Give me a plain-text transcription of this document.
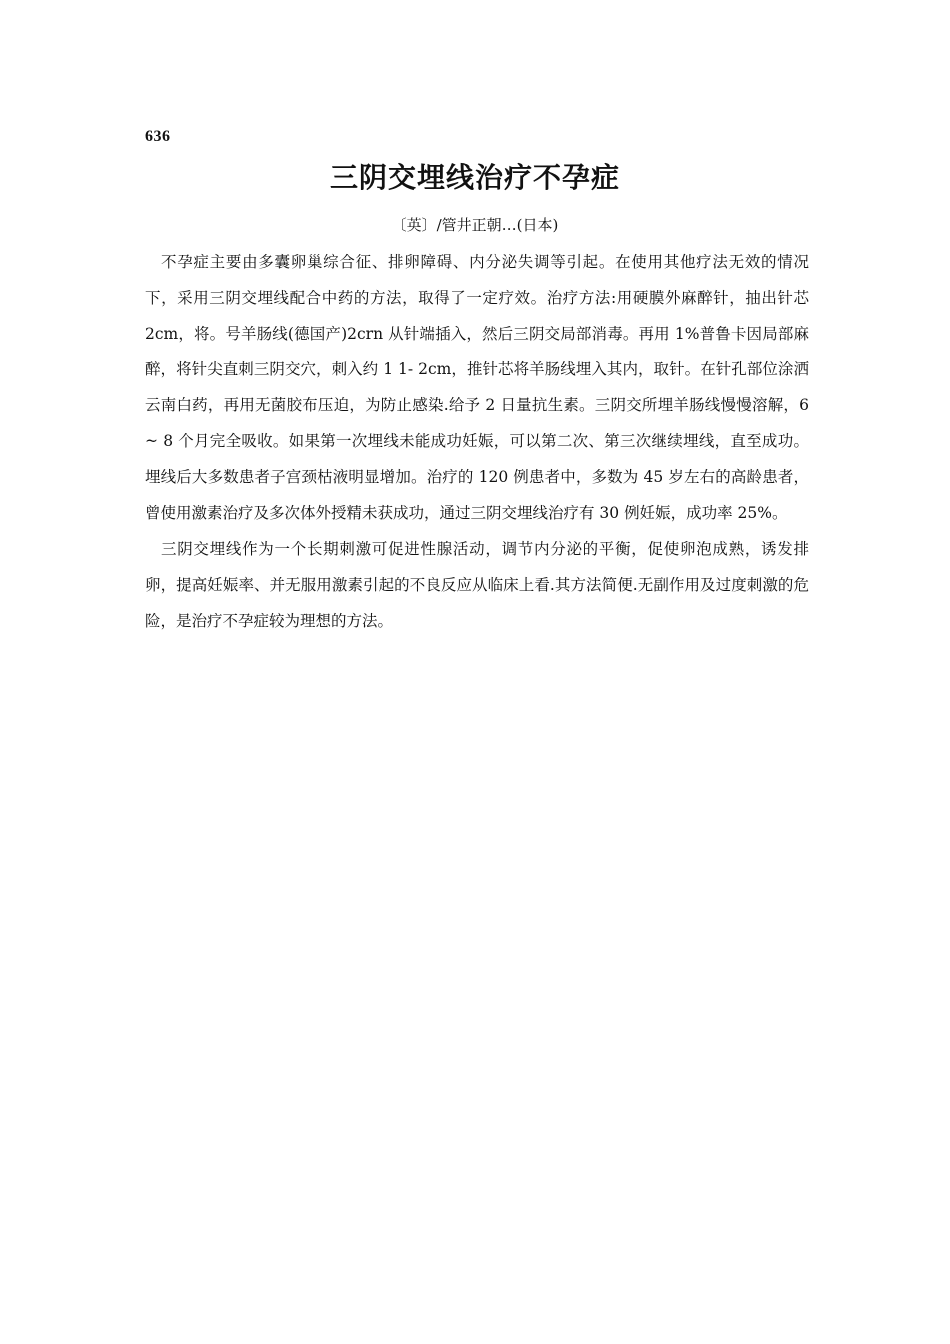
636
三阴交埋线治疗不孕症
〔英〕/管井正朝…(日本)

不孕症主要由多囊卵巢综合征、排卵障碍、内分泌失调等引起。在使用其他疗法无效的情况下，采用三阴交埋线配合中药的方法，取得了一定疗效。治疗方法:用硬膜外麻醉针，抽出针芯 2cm，将。号羊肠线(德国产)2crn 从针端插入，然后三阴交局部消毒。再用 1%普鲁卡因局部麻醉，将针尖直刺三阴交穴，刺入约 1 1- 2cm，推针芯将羊肠线埋入其内，取针。在针孔部位涂洒云南白药，再用无菌胶布压迫，为防止感染.给予 2 日量抗生素。三阴交所埋羊肠线慢慢溶解，6 ~ 8 个月完全吸收。如果第一次埋线未能成功妊娠，可以第二次、第三次继续埋线，直至成功。埋线后大多数患者子宫颈枯液明显增加。治疗的 120 例患者中，多数为 45 岁左右的高龄患者，曾使用激素治疗及多次体外授精未获成功，通过三阴交埋线治疗有 30 例妊娠，成功率 25%。

三阴交埋线作为一个长期刺激可促进性腺活动，调节内分泌的平衡，促使卵泡成熟，诱发排卵，提高妊娠率、并无服用激素引起的不良反应从临床上看.其方法简便.无副作用及过度刺激的危险，是治疗不孕症较为理想的方法。
